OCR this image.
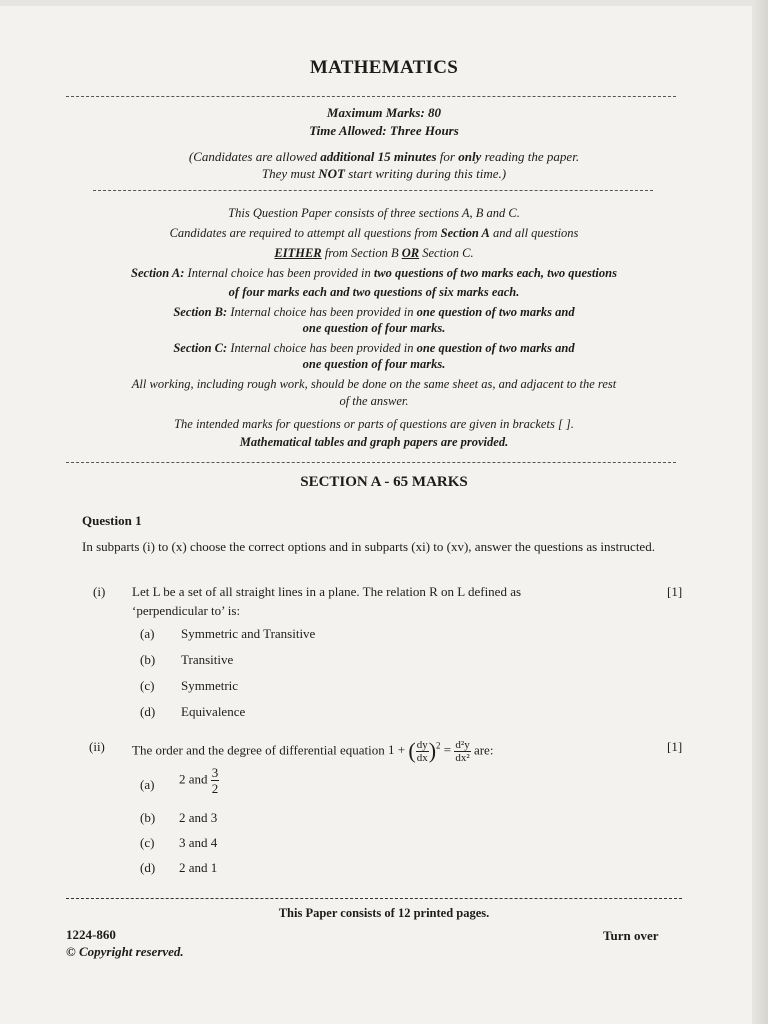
MATHEMATICS
Maximum Marks: 80
Time Allowed: Three Hours
(Candidates are allowed additional 15 minutes for only reading the paper.
They must NOT start writing during this time.)
This Question Paper consists of three sections A, B and C.
Candidates are required to attempt all questions from Section A and all questions
EITHER from Section B OR Section C.
Section A: Internal choice has been provided in two questions of two marks each, two questions
of four marks each and two questions of six marks each.
Section B: Internal choice has been provided in one question of two marks and
one question of four marks.
Section C: Internal choice has been provided in one question of two marks and
one question of four marks.
All working, including rough work, should be done on the same sheet as, and adjacent to the rest
of the answer.
The intended marks for questions or parts of questions are given in brackets [ ].
Mathematical tables and graph papers are provided.
SECTION A - 65 MARKS
Question 1
In subparts (i) to (x) choose the correct options and in subparts (xi) to (xv), answer the questions as instructed.
(i) Let L be a set of all straight lines in a plane. The relation R on L defined as
‘perpendicular to’ is:
[1]
(a) Symmetric and Transitive
(b) Transitive
(c) Symmetric
(d) Equivalence
(ii) The order and the degree of differential equation 1 + ( $\frac{dy}{dx} )^2 = \frac{\text{d²y}}{\text{dx²}}$ are:	[1]
(a) 2 and $\frac{3}{2}$
(b) 2 and 3
(c) 3 and 4
(d) 2 and 1
This Paper consists of 12 printed pages.
1224-860
© Copyright reserved.
Turn over
